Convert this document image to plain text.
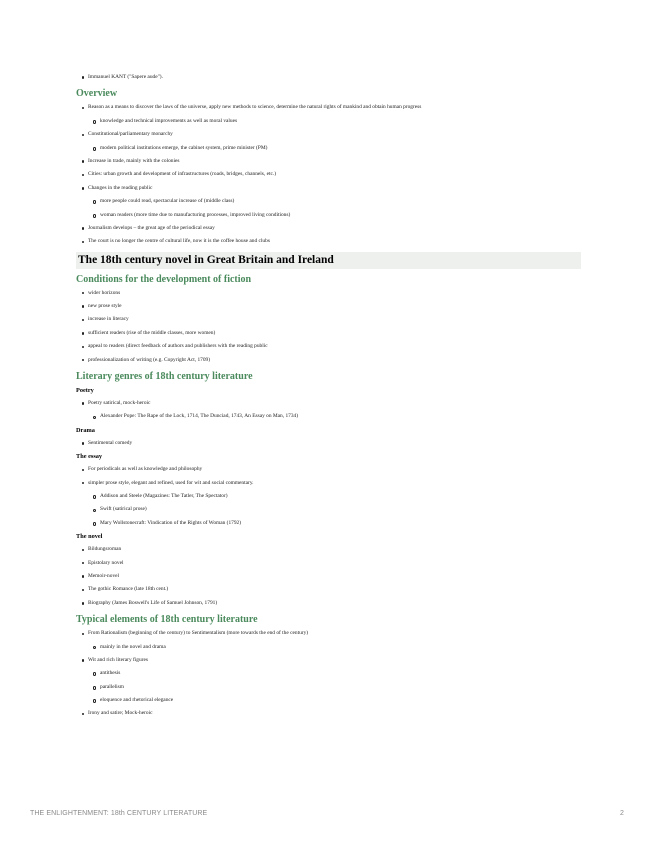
Immanuel KANT ("Sapere aude").
Overview
Reason as a means to discover the laws of the universe, apply new methods to science, determine the natural rights of mankind and obtain human progress
knowledge and technical improvements as well as moral values
Constitutional/parliamentary monarchy
modern political institutions emerge, the cabinet system, prime minister (PM)
Increase in trade, mainly with the colonies
Cities: urban growth and development of infrastructures (roads, bridges, channels, etc.)
Changes in the reading public
more people could read, spectacular increase of (middle class)
woman readers (more time due to manufacturing processes, improved living conditions)
Journalism develops – the great age of the periodical essay
The court is no longer the centre of cultural life, now it is the coffee house and clubs
The 18th century novel in Great Britain and Ireland
Conditions for the development of fiction
wider horizons
new prose style
increase in literacy
sufficient readers (rise of the middle classes, more women)
appeal to readers (direct feedback of authors and publishers with the reading public
professionalization of writing (e.g. Copyright Act, 1709)
Literary genres of 18th century literature
Poetry
Poetry satirical, mock-heroic
Alexander Pope: The Rape of the Lock, 1714, The Dunciad, 1743, An Essay on Man, 1734)
Drama
Sentimental comedy
The essay
For periodicals as well as knowledge and philosophy
simpler prose style, elegant and refined, used for wit and social commentary.
Addison and Steele (Magazines: The Tatler, The Spectator)
Swift (satirical prose)
Mary Wollstonecraft: Vindication of the Rights of Woman (1792)
The novel
Bildungsroman
Epistolary novel
Memoir-novel
The gothic Romance (late 18th cent.)
Biography (James Boswell's Life of Samuel Johnson, 1791)
Typical elements of 18th century literature
From Rationalism (beginning of the century) to Sentimentalism (more towards the end of the century)
mainly in the novel and drama
Wit and rich literary figures
antithesis
parallelism
eloquence and rhetorical elegance
Irony and satire; Mock-heroic
THE ENLIGHTENMENT: 18th CENTURY LITERATURE	2
